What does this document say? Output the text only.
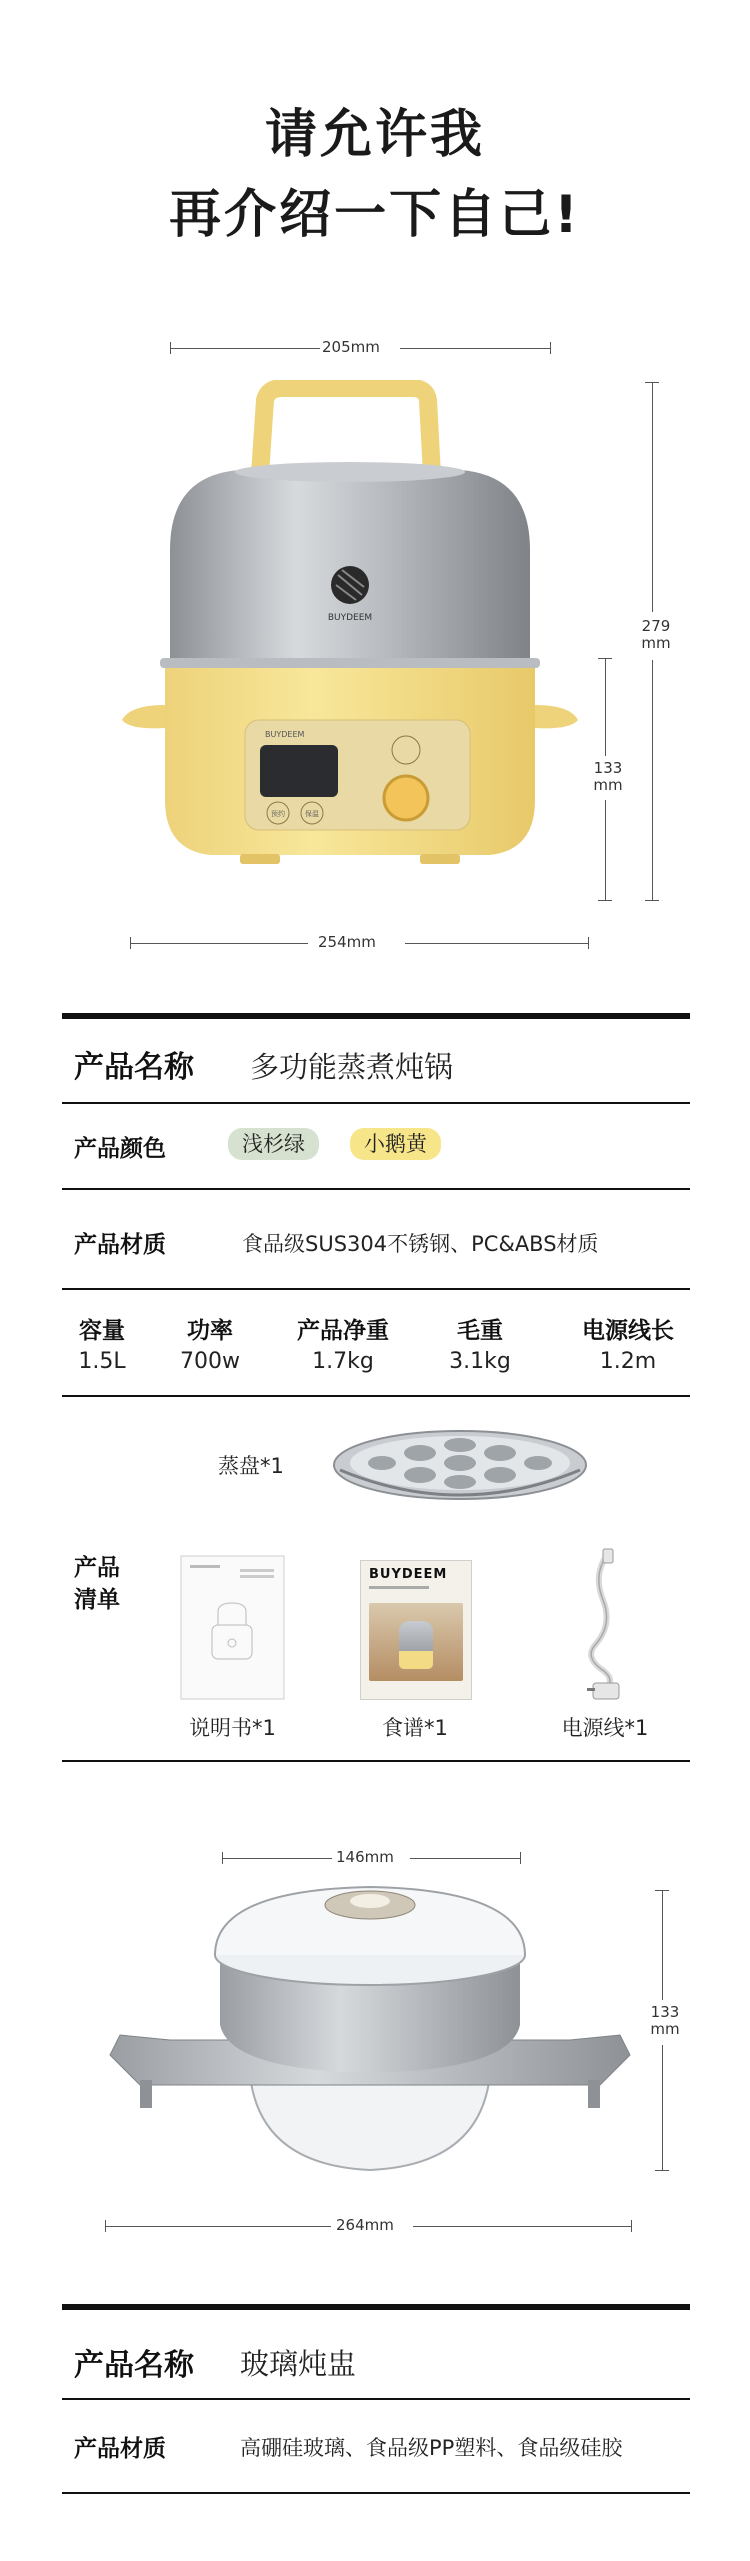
请允许我
再介绍一下自己!
205mm
279
mm
133
mm
254mm
BUYDEEM
BUYDEEM
预约	保温
产品名称 多功能蒸煮炖锅
产品颜色	浅杉绿	小鹅黄
产品材质	食品级SUS304不锈钢、PC&ABS材质
容量	功率	产品净重	毛重	电源线长
1.5L	700w	1.7kg	3.1kg	1.2m
蒸盘*1
产品
清单
说明书*1
BUYDEEM
食谱*1	电源线*1
146mm
133
mm
264mm
产品名称 玻璃炖盅
产品材质	高硼硅玻璃、食品级PP塑料、食品级硅胶
